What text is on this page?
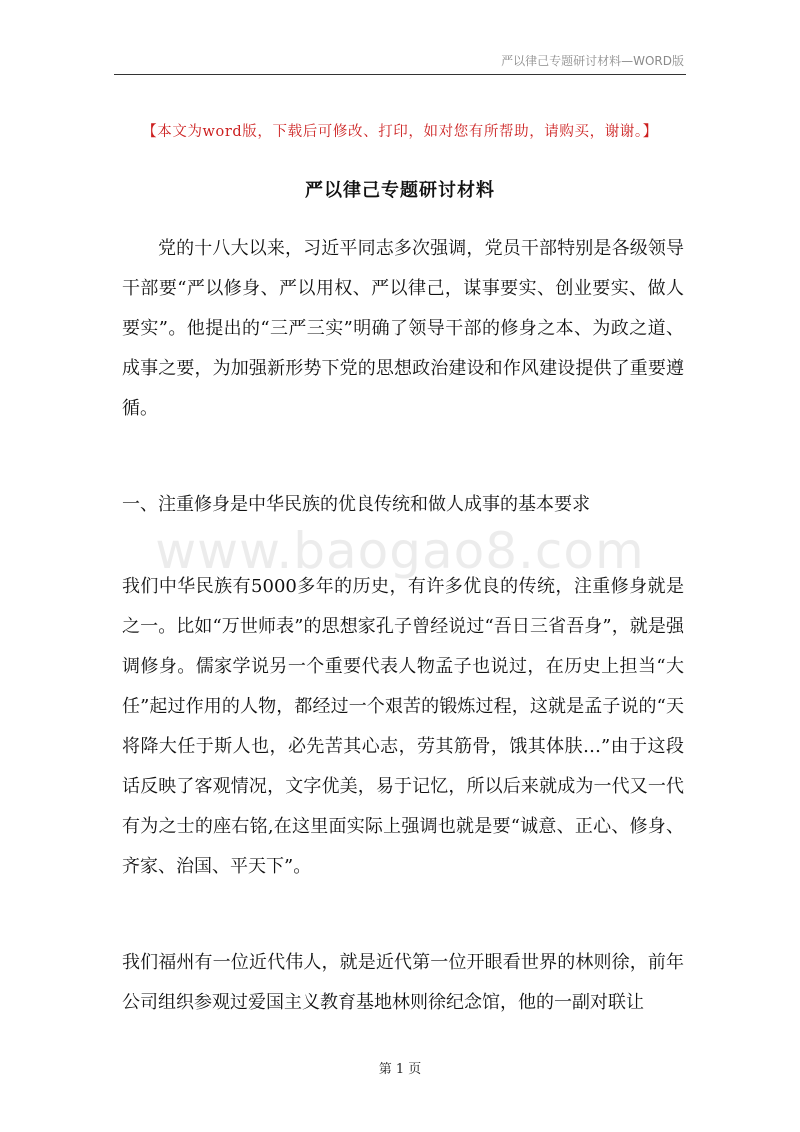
严以律己专题研讨材料—WORD版
【本文为word版，下载后可修改、打印，如对您有所帮助，请购买，谢谢。】
严以律己专题研讨材料

党的十八大以来，习近平同志多次强调，党员干部特别是各级领导干部要“严以修身、严以用权、严以律己，谋事要实、创业要实、做人要实”。他提出的“三严三实”明确了领导干部的修身之本、为政之道、成事之要，为加强新形势下党的思想政治建设和作风建设提供了重要遵循。

一、注重修身是中华民族的优良传统和做人成事的基本要求
www.baogao8.com

我们中华民族有5000多年的历史，有许多优良的传统，注重修身就是之一。比如“万世师表”的思想家孔子曾经说过“吾日三省吾身”，就是强调修身。儒家学说另一个重要代表人物孟子也说过，在历史上担当“大任”起过作用的人物，都经过一个艰苦的锻炼过程，这就是孟子说的“天将降大任于斯人也，必先苦其心志，劳其筋骨，饿其体肤…”由于这段话反映了客观情况，文字优美，易于记忆，所以后来就成为一代又一代有为之士的座右铭,在这里面实际上强调也就是要“诚意、正心、修身、齐家、治国、平天下”。

我们福州有一位近代伟人，就是近代第一位开眼看世界的林则徐，前年公司组织参观过爱国主义教育基地林则徐纪念馆，他的一副对联让

第 1 页
